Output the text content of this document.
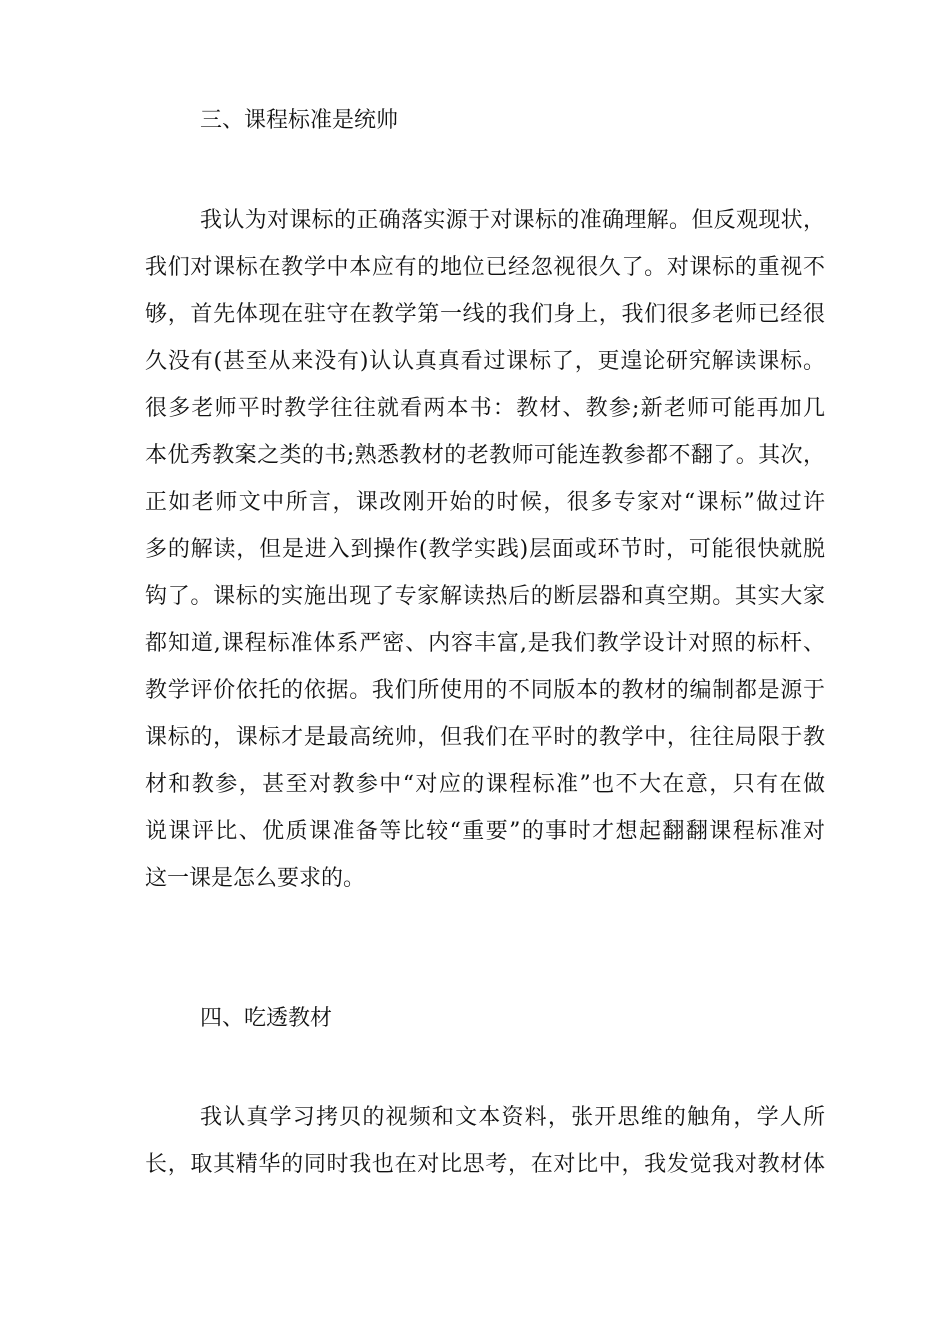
三、课程标准是统帅
我认为对课标的正确落实源于对课标的准确理解。但反观现状，
我们对课标在教学中本应有的地位已经忽视很久了。对课标的重视不
够，首先体现在驻守在教学第一线的我们身上，我们很多老师已经很
久没有(甚至从来没有)认认真真看过课标了，更遑论研究解读课标。
很多老师平时教学往往就看两本书：教材、教参;新老师可能再加几
本优秀教案之类的书;熟悉教材的老教师可能连教参都不翻了。其次，
正如老师文中所言，课改刚开始的时候，很多专家对“课标”做过许
多的解读，但是进入到操作(教学实践)层面或环节时，可能很快就脱
钩了。课标的实施出现了专家解读热后的断层器和真空期。其实大家
都知道,课程标准体系严密、内容丰富,是我们教学设计对照的标杆、
教学评价依托的依据。我们所使用的不同版本的教材的编制都是源于
课标的，课标才是最高统帅，但我们在平时的教学中，往往局限于教
材和教参，甚至对教参中“对应的课程标准”也不大在意，只有在做
说课评比、优质课准备等比较“重要”的事时才想起翻翻课程标准对
这一课是怎么要求的。
四、吃透教材
我认真学习拷贝的视频和文本资料，张开思维的触角，学人所
长，取其精华的同时我也在对比思考，在对比中，我发觉我对教材体
